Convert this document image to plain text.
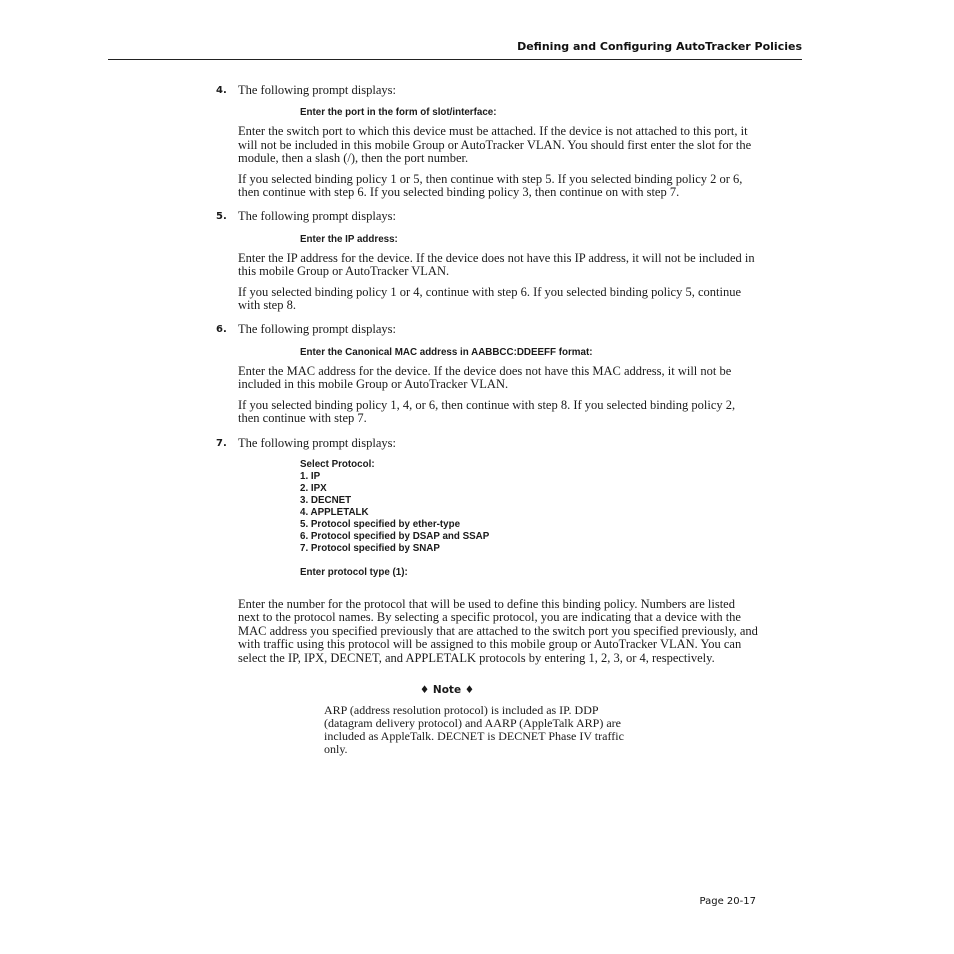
Defining and Configuring AutoTracker Policies
4. The following prompt displays:
Enter the port in the form of slot/interface:

Enter the switch port to which this device must be attached. If the device is not attached to this port, it will not be included in this mobile Group or AutoTracker VLAN. You should first enter the slot for the module, then a slash (/), then the port number.

If you selected binding policy 1 or 5, then continue with step 5. If you selected binding policy 2 or 6, then continue with step 6. If you selected binding policy 3, then continue on with step 7.

5. The following prompt displays:
Enter the IP address:

Enter the IP address for the device. If the device does not have this IP address, it will not be included in this mobile Group or AutoTracker VLAN.

If you selected binding policy 1 or 4, continue with step 6. If you selected binding policy 5, continue with step 8.

6. The following prompt displays:
Enter the Canonical MAC address in AABBCC:DDEEFF format:

Enter the MAC address for the device. If the device does not have this MAC address, it will not be included in this mobile Group or AutoTracker VLAN.

If you selected binding policy 1, 4, or 6, then continue with step 8. If you selected binding policy 2, then continue with step 7.

7. The following prompt displays:
Select Protocol:
1. IP
2. IPX
3. DECNET
4. APPLETALK
5. Protocol specified by ether-type
6. Protocol specified by DSAP and SSAP
7. Protocol specified by SNAP
Enter protocol type (1):

Enter the number for the protocol that will be used to define this binding policy. Numbers are listed next to the protocol names. By selecting a specific protocol, you are indicating that a device with the MAC address you specified previously that are attached to the switch port you specified previously, and with traffic using this protocol will be assigned to this mobile group or AutoTracker VLAN. You can select the IP, IPX, DECNET, and APPLETALK protocols by entering 1, 2, 3, or 4, respectively.

♦ Note ♦
ARP (address resolution protocol) is included as IP. DDP (datagram delivery protocol) and AARP (AppleTalk ARP) are included as AppleTalk. DECNET is DECNET Phase IV traffic only.
Page 20-17
